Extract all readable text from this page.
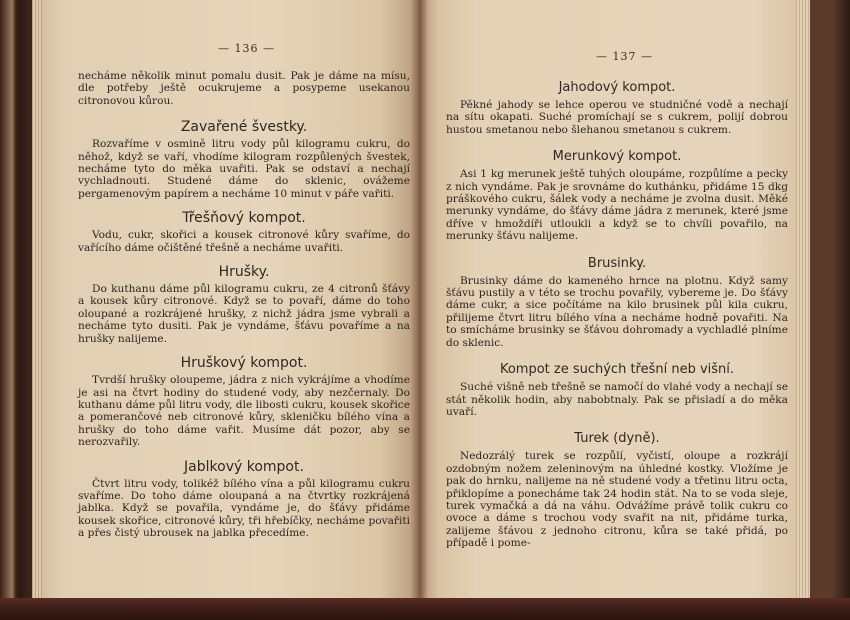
— 136 —

necháme několik minut pomalu dusit. Pak je dáme na mísu, dle potřeby ještě ocukrujeme a posypeme usekanou citronovou kůrou.

Zavařené švestky.

Rozvaříme v osmině litru vody půl kilogramu cukru, do něhož, když se vaří, vhodíme kilogram rozpůlených švestek, necháme tyto do měka uvařiti. Pak se odstaví a nechají vychladnouti. Studené dáme do sklenic, ovážeme pergamenovým papírem a necháme 10 minut v páře vařiti.

Třešňový kompot.

Vodu, cukr, skořici a kousek citronové kůry svaříme, do vařícího dáme očištěné třešně a necháme uvařiti.

Hrušky.

Do kuthanu dáme půl kilogramu cukru, ze 4 citronů šťávy a kousek kůry citronové. Když se to povaří, dáme do toho oloupané a rozkrájené hrušky, z nichž jádra jsme vybrali a necháme tyto dusiti. Pak je vyndáme, šťávu povaříme a na hrušky nalijeme.

Hruškový kompot.

Tvrdší hrušky oloupeme, jádra z nich vykrájíme a vhodíme je asi na čtvrt hodiny do studené vody, aby nezčernaly. Do kuthanu dáme půl litru vody, dle libosti cukru, kousek skořice a pomerančové neb citronové kůry, skleničku bílého vína a hrušky do toho dáme vařit. Musíme dát pozor, aby se nerozvařily.

Jablkový kompot.

Čtvrt litru vody, tolikéž bílého vína a půl kilogramu cukru svaříme. Do toho dáme oloupaná a na čtvrtky rozkrájená jablka. Když se povařila, vyndáme je, do šťávy přidáme kousek skořice, citronové kůry, tři hřebíčky, necháme povařiti a přes čistý ubrousek na jablka přecedíme.

— 137 —
Jahodový kompot.

Pěkné jahody se lehce operou ve studničné vodě a nechají na sítu okapati. Suché promíchají se s cukrem, polijí dobrou hustou smetanou nebo šlehanou smetanou s cukrem.

Merunkový kompot.

Asi 1 kg merunek ještě tuhých oloupáme, rozpůlíme a pecky z nich vyndáme. Pak je srovnáme do kuthánku, přidáme 15 dkg práškového cukru, šálek vody a necháme je zvolna dusit. Měké merunky vyndáme, do šťávy dáme jádra z merunek, které jsme dříve v hmoždíři utloukli a když se to chvíli povařilo, na merunky šťávu nalijeme.

Brusinky.

Brusinky dáme do kameného hrnce na plotnu. Když samy šťávu pustily a v této se trochu povařily, vybereme je. Do šťávy dáme cukr, a sice počítáme na kilo brusinek půl kila cukru, přilijeme čtvrt litru bílého vína a necháme hodně povařiti. Na to smícháme brusinky se šťávou dohromady a vychladlé plníme do sklenic.

Kompot ze suchých třešní neb višní.

Suché višně neb třešně se namočí do vlahé vody a nechají se stát několik hodin, aby nabobtnaly. Pak se přisladí a do měka uvaří.

Turek (dyně).

Nedozrálý turek se rozpůlí, vyčistí, oloupe a rozkrájí ozdobným nožem zeleninovým na úhledné kostky. Vložíme je pak do hrnku, nalijeme na ně studené vody a třetinu litru octa, přiklopíme a ponecháme tak 24 hodin stát. Na to se voda sleje, turek vymačká a dá na váhu. Odvážíme právě tolik cukru co ovoce a dáme s trochou vody svařit na nit, přidáme turka, zalijeme šťávou z jednoho citronu, kůra se také přidá, po případě i pome-
